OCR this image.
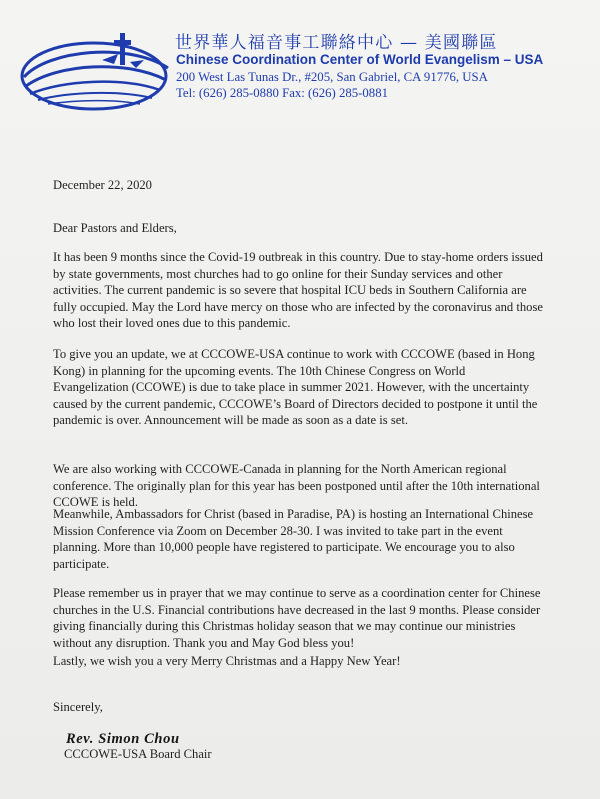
世界華人福音事工聯絡中心 — 美國聯區
Chinese Coordination Center of World Evangelism – USA
200 West Las Tunas Dr., #205, San Gabriel, CA 91776, USA
Tel: (626) 285-0880 Fax: (626) 285-0881
December 22, 2020
Dear Pastors and Elders,

It has been 9 months since the Covid-19 outbreak in this country. Due to stay-home orders issued by state governments, most churches had to go online for their Sunday services and other activities. The current pandemic is so severe that hospital ICU beds in Southern California are fully occupied. May the Lord have mercy on those who are infected by the coronavirus and those who lost their loved ones due to this pandemic.

To give you an update, we at CCCOWE-USA continue to work with CCCOWE (based in Hong Kong) in planning for the upcoming events. The 10th Chinese Congress on World Evangelization (CCOWE) is due to take place in summer 2021. However, with the uncertainty caused by the current pandemic, CCCOWE’s Board of Directors decided to postpone it until the pandemic is over. Announcement will be made as soon as a date is set.

We are also working with CCCOWE-Canada in planning for the North American regional conference. The originally plan for this year has been postponed until after the 10th international CCOWE is held.

Meanwhile, Ambassadors for Christ (based in Paradise, PA) is hosting an International Chinese Mission Conference via Zoom on December 28-30. I was invited to take part in the event planning. More than 10,000 people have registered to participate. We encourage you to also participate.

Please remember us in prayer that we may continue to serve as a coordination center for Chinese churches in the U.S. Financial contributions have decreased in the last 9 months. Please consider giving financially during this Christmas holiday season that we may continue our ministries without any disruption. Thank you and May God bless you!

Lastly, we wish you a very Merry Christmas and a Happy New Year!

Sincerely,
Rev. Simon Chou
CCCOWE-USA Board Chair
